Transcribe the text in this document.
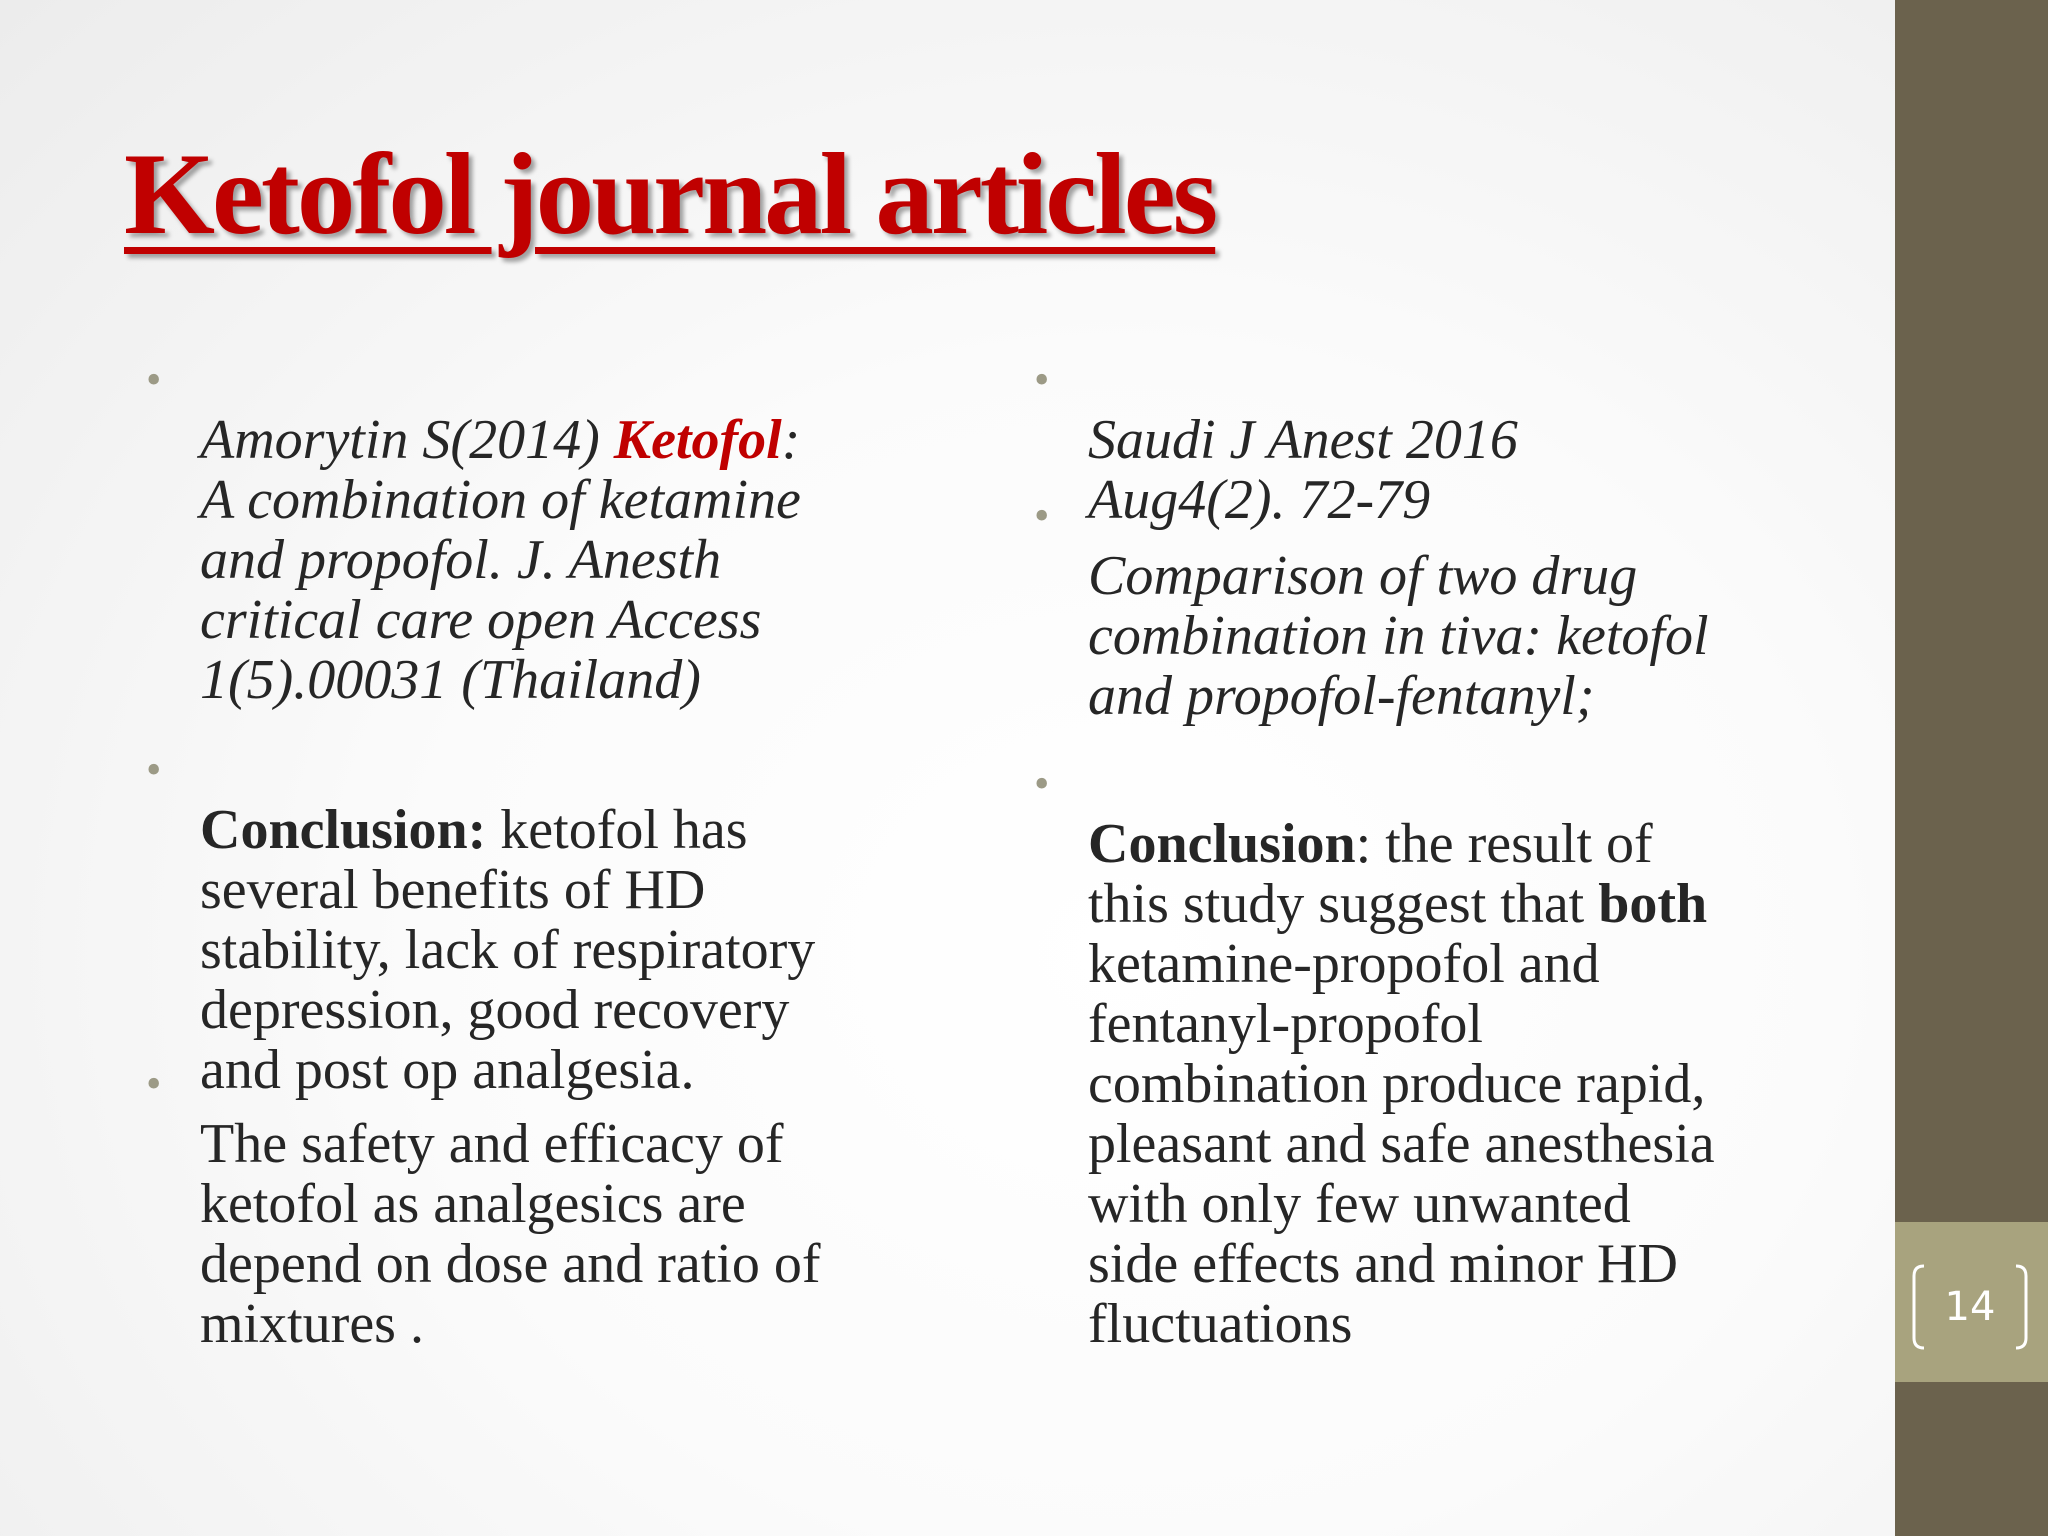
Ketofol journal articles

•
Amorytin S(2014) Ketofol:
A combination of ketamine
and propofol. J. Anesth
critical care open Access
1(5).00031 (Thailand)

•
Conclusion: ketofol has
several benefits of HD
stability, lack of respiratory
depression, good recovery
and post op analgesia.

•
The safety and efficacy of
ketofol as analgesics are
depend on dose and ratio of
mixtures .

•
Saudi J Anest 2016
Aug4(2). 72-79

•
Comparison of two drug
combination in tiva: ketofol
and propofol-fentanyl;

•
Conclusion: the result of
this study suggest that both
ketamine-propofol and
fentanyl-propofol
combination produce rapid,
pleasant and safe anesthesia
with only few unwanted
side effects and minor HD
fluctuations	14
